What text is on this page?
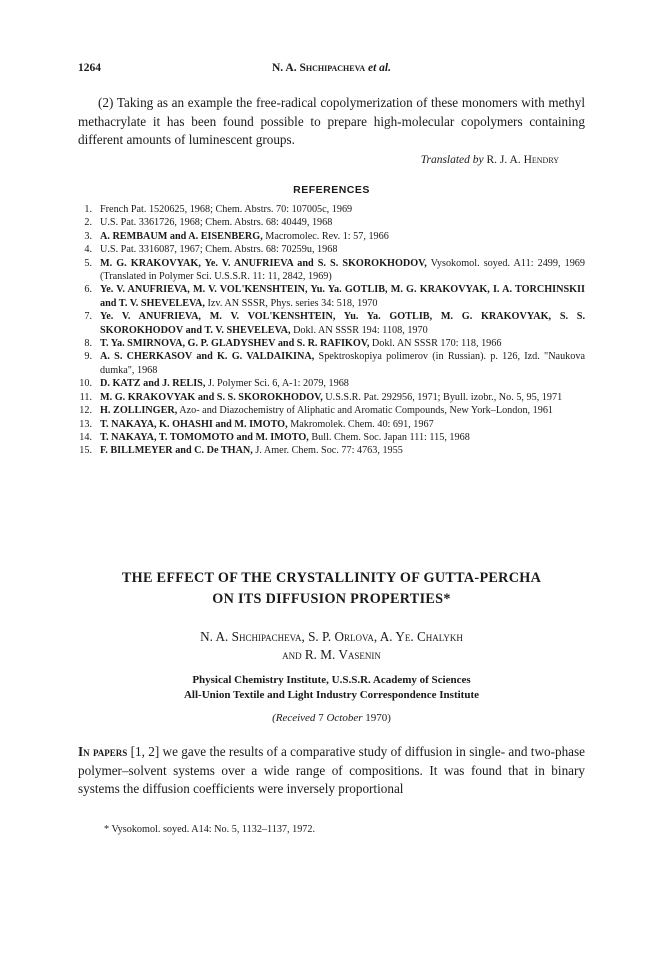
1264	N. A. Shchipacheva et al.

(2) Taking as an example the free-radical copolymerization of these monomers with methyl methacrylate it has been found possible to prepare high-molecular copolymers containing different amounts of luminescent groups.

Translated by R. J. A. Hendry
REFERENCES
1. French Pat. 1520625, 1968; Chem. Abstrs. 70: 107005c, 1969
2. U.S. Pat. 3361726, 1968; Chem. Abstrs. 68: 40449, 1968
3. A. REMBAUM and A. EISENBERG, Macromolec. Rev. 1: 57, 1966
4. U.S. Pat. 3316087, 1967; Chem. Abstrs. 68: 70259u, 1968
5. M. G. KRAKOVYAK, Ye. V. ANUFRIEVA and S. S. SKOROKHODOV, Vysokomol. soyed. A11: 2499, 1969 (Translated in Polymer Sci. U.S.S.R. 11: 11, 2842, 1969)
6. Ye. V. ANUFRIEVA, M. V. VOL'KENSHTEIN, Yu. Ya. GOTLIB, M. G. KRAKOVYAK, I. A. TORCHINSKII and T. V. SHEVELEVA, Izv. AN SSSR, Phys. series 34: 518, 1970
7. Ye. V. ANUFRIEVA, M. V. VOL'KENSHTEIN, Yu. Ya. GOTLIB, M. G. KRAKOVYAK, S. S. SKOROKHODOV and T. V. SHEVELEVA, Dokl. AN SSSR 194: 1108, 1970
8. T. Ya. SMIRNOVA, G. P. GLADYSHEV and S. R. RAFIKOV, Dokl. AN SSSR 170: 118, 1966
9. A. S. CHERKASOV and K. G. VALDAIKINA, Spektroskopiya polimerov (in Russian). p. 126, Izd. "Naukova dumka", 1968
10. D. KATZ and J. RELIS, J. Polymer Sci. 6, A-1: 2079, 1968
11. M. G. KRAKOVYAK and S. S. SKOROKHODOV, U.S.S.R. Pat. 292956, 1971; Byull. izobr., No. 5, 95, 1971
12. H. ZOLLINGER, Azo- and Diazochemistry of Aliphatic and Aromatic Compounds, New York–London, 1961
13. T. NAKAYA, K. OHASHI and M. IMOTO, Makromolek. Chem. 40: 691, 1967
14. T. NAKAYA, T. TOMOMOTO and M. IMOTO, Bull. Chem. Soc. Japan 111: 115, 1968
15. F. BILLMEYER and C. De THAN, J. Amer. Chem. Soc. 77: 4763, 1955
THE EFFECT OF THE CRYSTALLINITY OF GUTTA-PERCHA
ON ITS DIFFUSION PROPERTIES*
N. A. Shchipacheva, S. P. Orlova, A. Ye. Chalykh
and R. M. Vasenin
Physical Chemistry Institute, U.S.S.R. Academy of Sciences
All-Union Textile and Light Industry Correspondence Institute
(Received 7 October 1970)

In papers [1, 2] we gave the results of a comparative study of diffusion in single- and two-phase polymer–solvent systems over a wide range of compositions. It was found that in binary systems the diffusion coefficients were inversely proportional

* Vysokomol. soyed. A14: No. 5, 1132–1137, 1972.
